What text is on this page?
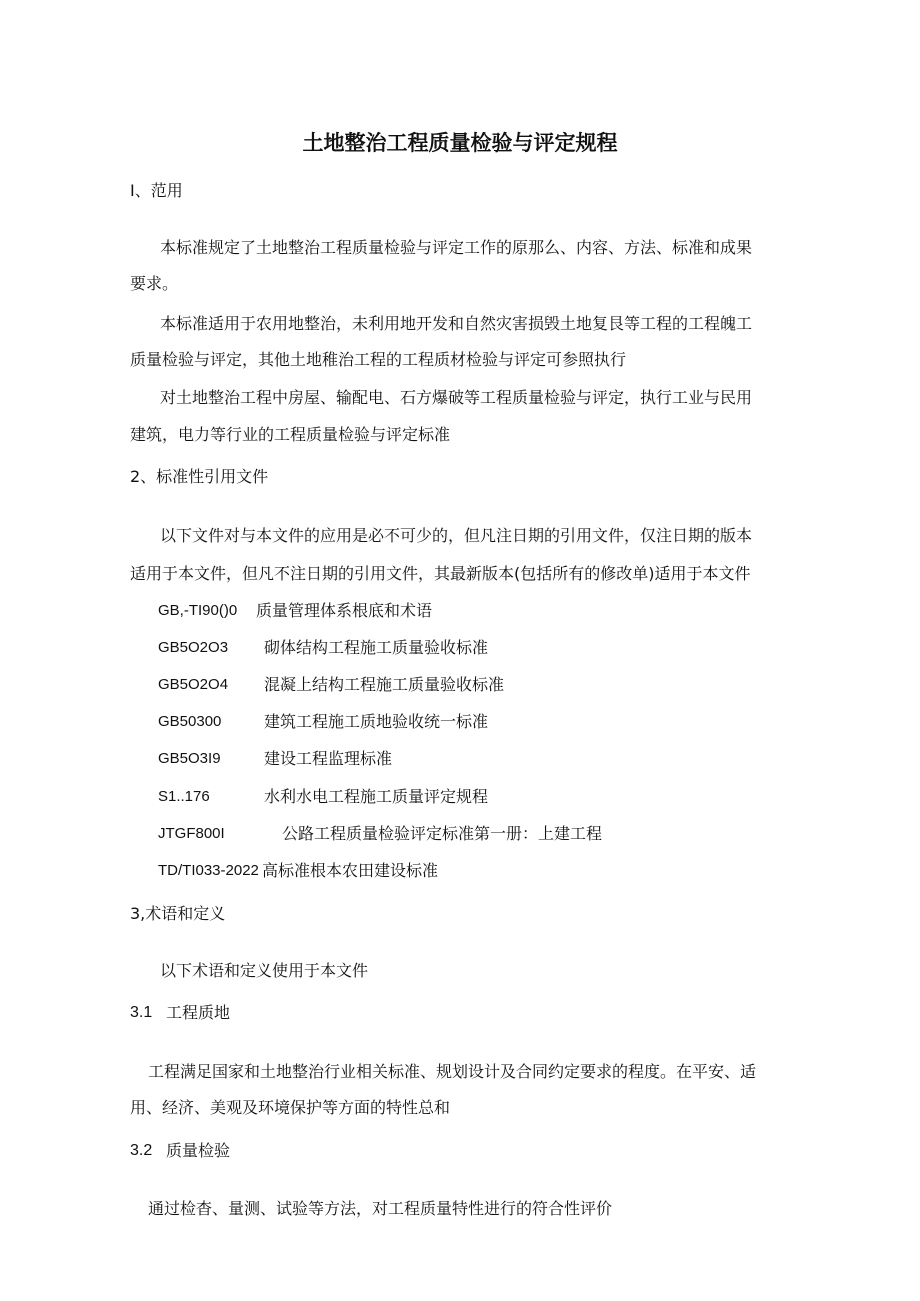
土地整治工程质量检验与评定规程
I、范用
本标准规定了土地整治工程质量检验与评定工作的原那么、内容、方法、标准和成果
要求。
本标准适用于农用地整治，未利用地开发和自然灾害损毁土地复艮等工程的工程魄工
质量检验与评定，其他土地稚治工程的工程质材检验与评定可参照执行
对土地整治工程中房屋、输配电、石方爆破等工程质量检验与评定，执行工业与民用
建筑，电力等行业的工程质量检验与评定标准
2、标准性引用文件
以下文件对与本文件的应用是必不可少的，但凡注日期的引用文件，仅注日期的版本
适用于本文件，但凡不注日期的引用文件，其最新版本(包括所有的修改单)适用于本文件
GB,-TI90()0 质量管理体系根底和术语
GB5O2O3 砌体结构工程施工质量验收标准
GB5O2O4 混凝上结构工程施工质量验收标准
GB50300	建筑工程施工质地验收统一标准
GB5O3I9	建设工程监理标准
S1..176	水利水电工程施工质量评定规程
JTGF800I	公路工程质量检验评定标准第一册：上建工程
TD/TI033-2022 高标准根本农田建设标准
3,术语和定义
以下术语和定义使用于本文件
3.1 工程质地
工程满足国家和土地整治行业相关标准、规划设计及合同约定要求的程度。在平安、适
用、经济、美观及环境保护等方面的特性总和
3.2 质量检验
通过检杳、量测、试验等方法，对工程质量特性进行的符合性评价
